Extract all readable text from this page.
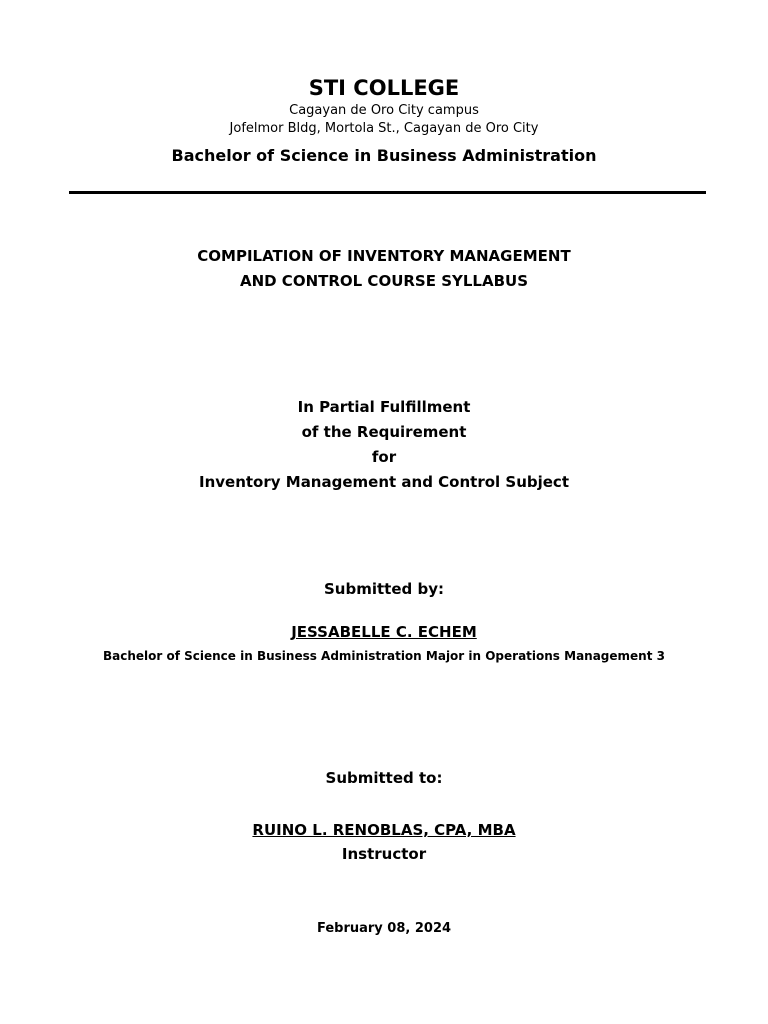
STI COLLEGE
Cagayan de Oro City campus
Jofelmor Bldg, Mortola St., Cagayan de Oro City
Bachelor of Science in Business Administration
COMPILATION OF INVENTORY MANAGEMENT
AND CONTROL COURSE SYLLABUS
In Partial Fulfillment
of the Requirement
for
Inventory Management and Control Subject
Submitted by:
JESSABELLE C. ECHEM
Bachelor of Science in Business Administration Major in Operations Management 3
Submitted to:
RUINO L. RENOBLAS, CPA, MBA
Instructor
February 08, 2024
